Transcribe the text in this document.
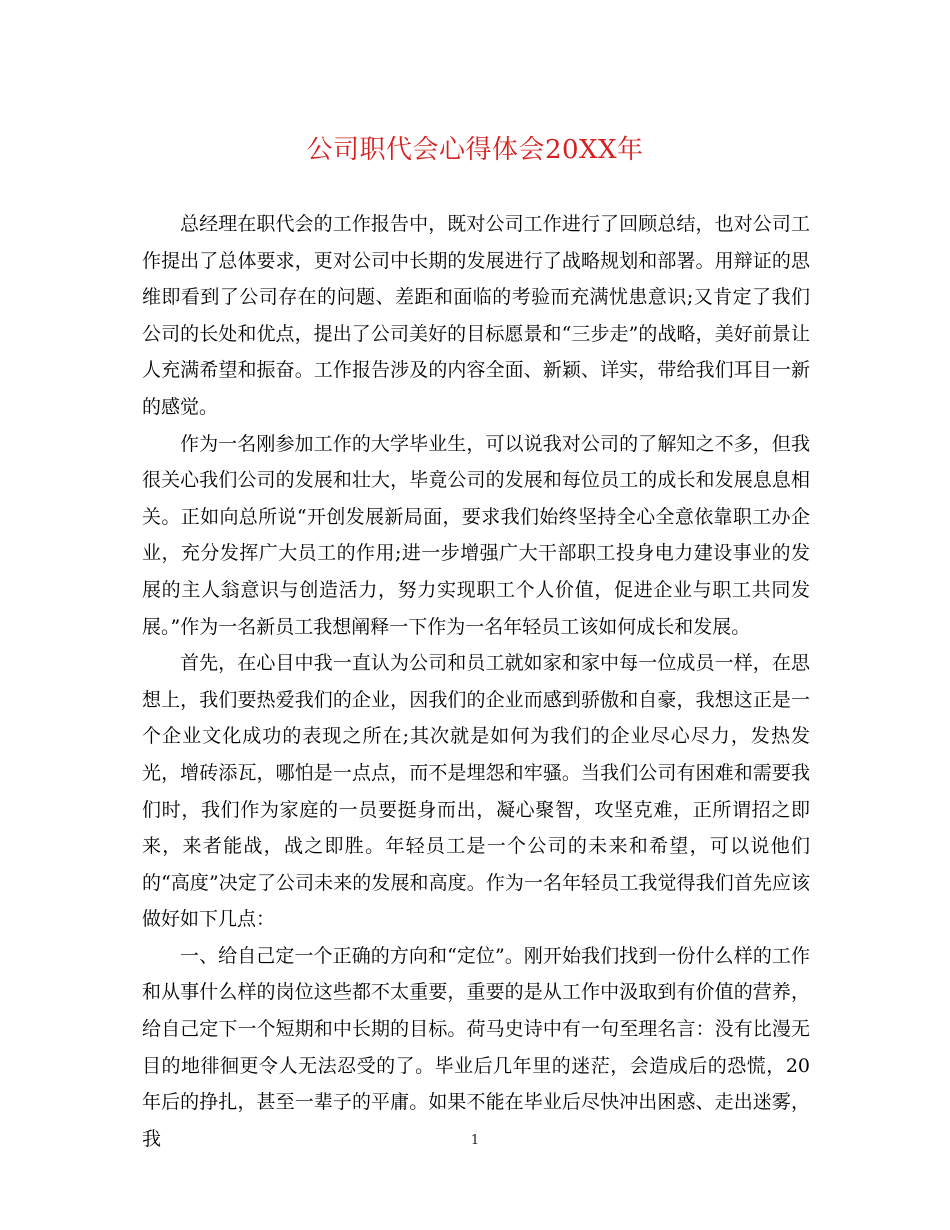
公司职代会心得体会20XX年

总经理在职代会的工作报告中，既对公司工作进行了回顾总结，也对公司工作提出了总体要求，更对公司中长期的发展进行了战略规划和部署。用辩证的思维即看到了公司存在的问题、差距和面临的考验而充满忧患意识;又肯定了我们公司的长处和优点，提出了公司美好的目标愿景和“三步走”的战略，美好前景让人充满希望和振奋。工作报告涉及的内容全面、新颖、详实，带给我们耳目一新的感觉。

作为一名刚参加工作的大学毕业生，可以说我对公司的了解知之不多，但我很关心我们公司的发展和壮大，毕竟公司的发展和每位员工的成长和发展息息相关。正如向总所说“开创发展新局面，要求我们始终坚持全心全意依靠职工办企业，充分发挥广大员工的作用;进一步增强广大干部职工投身电力建设事业的发展的主人翁意识与创造活力，努力实现职工个人价值，促进企业与职工共同发展。”作为一名新员工我想阐释一下作为一名年轻员工该如何成长和发展。

首先，在心目中我一直认为公司和员工就如家和家中每一位成员一样，在思想上，我们要热爱我们的企业，因我们的企业而感到骄傲和自豪，我想这正是一个企业文化成功的表现之所在;其次就是如何为我们的企业尽心尽力，发热发光，增砖添瓦，哪怕是一点点，而不是埋怨和牢骚。当我们公司有困难和需要我们时，我们作为家庭的一员要挺身而出，凝心聚智，攻坚克难，正所谓招之即来，来者能战，战之即胜。年轻员工是一个公司的未来和希望，可以说他们的“高度”决定了公司未来的发展和高度。作为一名年轻员工我觉得我们首先应该做好如下几点：

一、给自己定一个正确的方向和“定位”。刚开始我们找到一份什么样的工作和从事什么样的岗位这些都不太重要，重要的是从工作中汲取到有价值的营养，给自己定下一个短期和中长期的目标。荷马史诗中有一句至理名言：没有比漫无目的地徘徊更令人无法忍受的了。毕业后几年里的迷茫，会造成后的恐慌，20年后的挣扎，甚至一辈子的平庸。如果不能在毕业后尽快冲出困惑、走出迷雾，我	1
